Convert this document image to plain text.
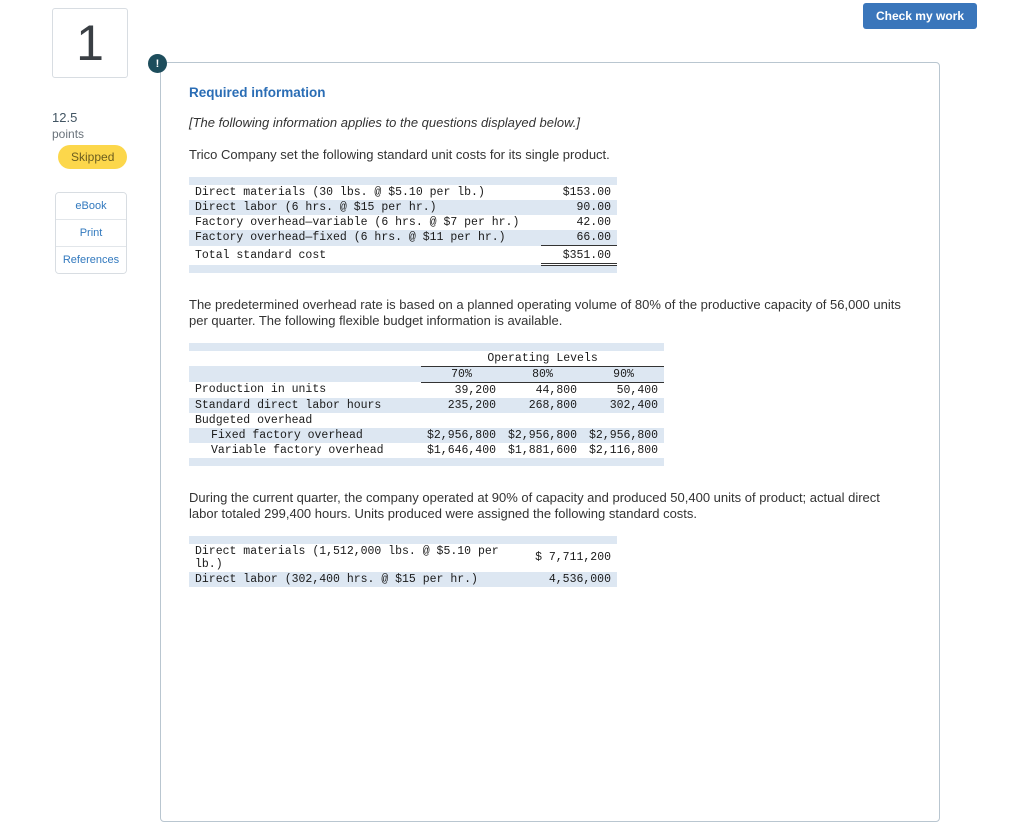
Check my work
1
12.5
points
Skipped
eBook
Print
References
!
Required information
[The following information applies to the questions displayed below.]
Trico Company set the following standard unit costs for its single product.

Direct materials (30 lbs. @ $5.10 per lb.)	$153.00
Direct labor (6 hrs. @ $15 per hr.)	90.00
Factory overhead—variable (6 hrs. @ $7 per hr.)	42.00
Factory overhead—fixed (6 hrs. @ $11 per hr.)	66.00
Total standard cost	$351.00

The predetermined overhead rate is based on a planned operating volume of 80% of the productive capacity of 56,000 units per quarter. The following flexible budget information is available.

	Operating Levels		
	70%	80%	90%
Production in units	39,200	44,800	50,400
Standard direct labor hours	235,200	268,800	302,400
Budgeted overhead			
Fixed factory overhead	$2,956,800	$2,956,800	$2,956,800
Variable factory overhead	$1,646,400	$1,881,600	$2,116,800

During the current quarter, the company operated at 90% of capacity and produced 50,400 units of product; actual direct labor totaled 299,400 hours. Units produced were assigned the following standard costs.

Direct materials (1,512,000 lbs. @ $5.10 per lb.)	$ 7,711,200
Direct labor (302,400 hrs. @ $15 per hr.)	4,536,000
